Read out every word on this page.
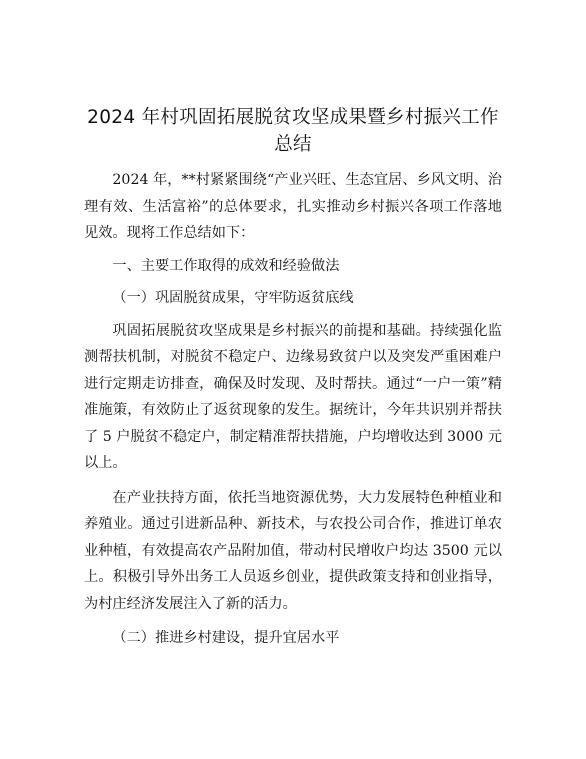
2024 年村巩固拓展脱贫攻坚成果暨乡村振兴工作总结

2024 年，**村紧紧围绕“产业兴旺、生态宜居、乡风文明、治理有效、生活富裕”的总体要求，扎实推动乡村振兴各项工作落地见效。现将工作总结如下：

一、主要工作取得的成效和经验做法

（一）巩固脱贫成果，守牢防返贫底线

巩固拓展脱贫攻坚成果是乡村振兴的前提和基础。持续强化监测帮扶机制，对脱贫不稳定户、边缘易致贫户以及突发严重困难户进行定期走访排查，确保及时发现、及时帮扶。通过“一户一策”精准施策，有效防止了返贫现象的发生。据统计，今年共识别并帮扶了 5 户脱贫不稳定户，制定精准帮扶措施，户均增收达到 3000 元以上。

在产业扶持方面，依托当地资源优势，大力发展特色种植业和养殖业。通过引进新品种、新技术，与农投公司合作，推进订单农业种植，有效提高农产品附加值，带动村民增收户均达 3500 元以上。积极引导外出务工人员返乡创业，提供政策支持和创业指导，为村庄经济发展注入了新的活力。

（二）推进乡村建设，提升宜居水平
